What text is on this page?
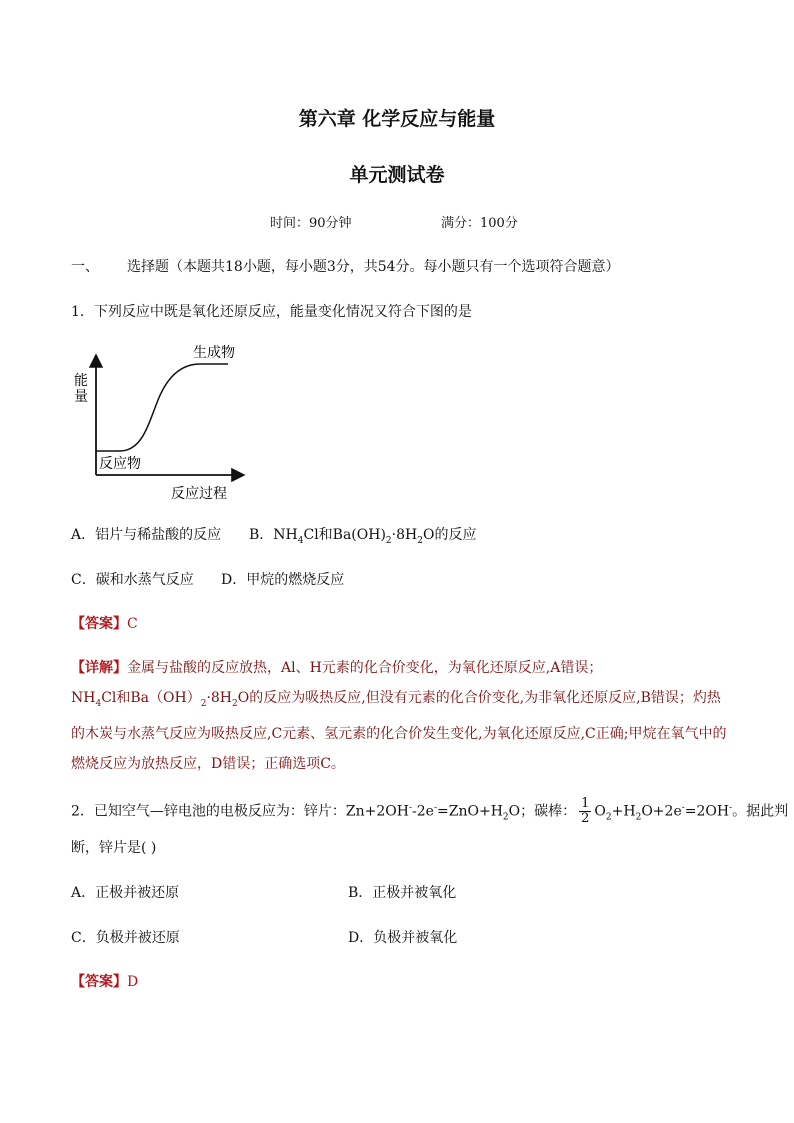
第六章 化学反应与能量
单元测试卷
时间：90分钟	满分：100分
一、 选择题（本题共18小题，每小题3分，共54分。每小题只有一个选项符合题意）
1．下列反应中既是氧化还原反应，能量变化情况又符合下图的是
能
量
生成物
反应物
反应过程
A．铝片与稀盐酸的反应 B．$NH_4Cl$和$Ba(OH)_2\cdot 8H_2O$的反应
C．碳和水蒸气反应 D．甲烷的燃烧反应
【答案】C
【详解】金属与盐酸的反应放热，Al、H元素的化合价变化，为氧化还原反应,A错误；$NH_4Cl$和$Ba(OH)_2\cdot 8H_2O$的反应为吸热反应,但没有元素的化合价变化,为非氧化还原反应,B错误；灼热的木炭与水蒸气反应为吸热反应,C元素、氢元素的化合价发生变化,为氧化还原反应,C正确;甲烷在氧气中的燃烧反应为放热反应，D错误；正确选项C。
2．已知空气—锌电池的电极反应为：锌片：$Zn+2OH^--2e^-=ZnO+H_2O$；碳棒： $\frac{1}{2} O_2+H_2O+2e^-=2OH^-$。据此判
断，锌片是( )
A．正极并被还原	B．正极并被氧化
C．负极并被还原	D．负极并被氧化
【答案】D
